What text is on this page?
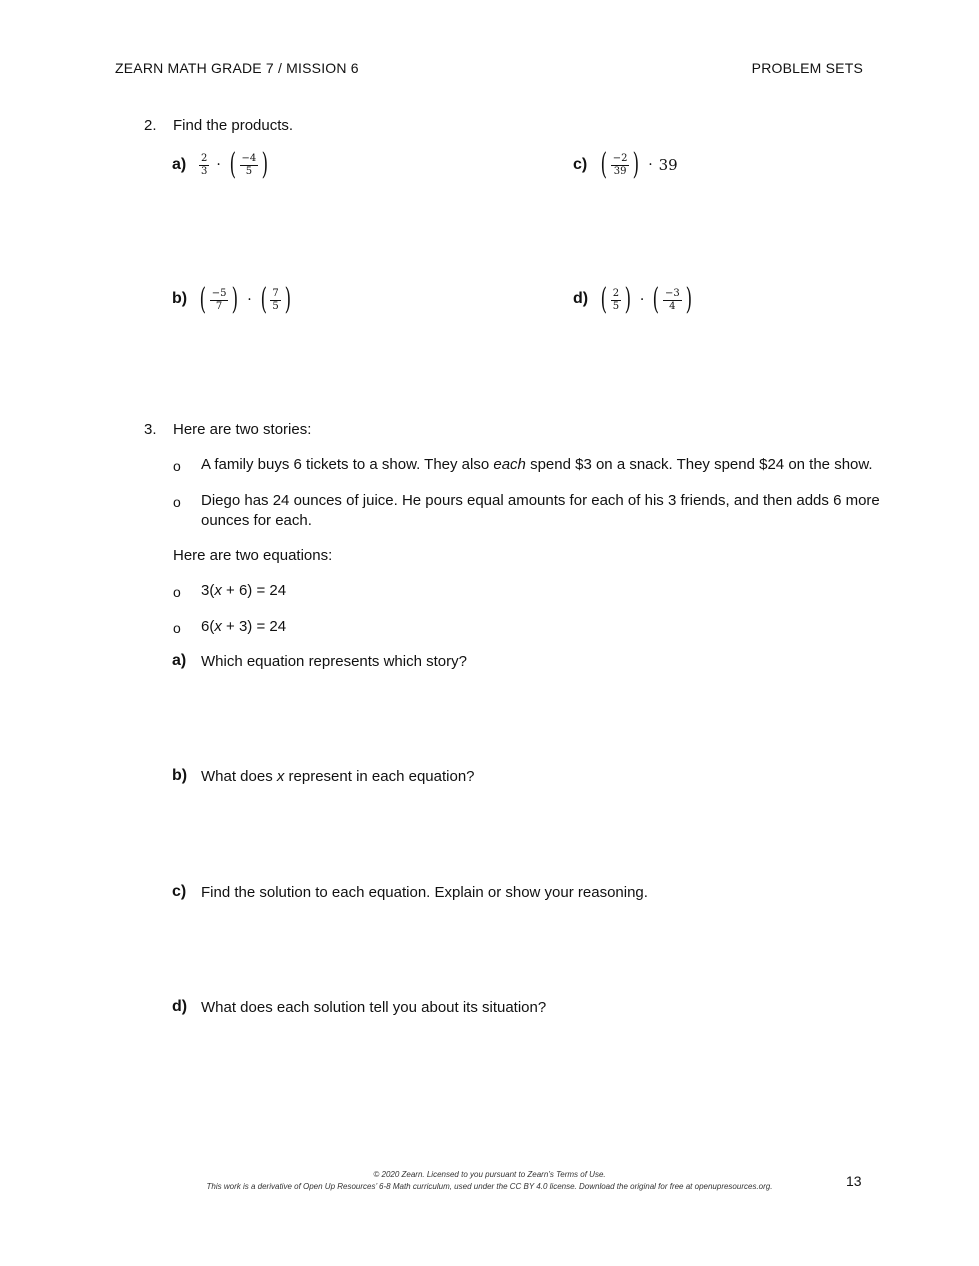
ZEARN MATH GRADE 7 / MISSION 6	PROBLEM SETS
2. Find the products.
$a) \frac{2}{3}$ · ( $\frac{-4}{5}$ )	c) ( $\frac{-2}{39}$ ) · 39
b) ( $\frac{-5}{7}$ ) · ( $\frac{7}{5}$ )	d) ( $\frac{2}{5}$ ) · ( $\frac{-3}{4}$ )
3. Here are two stories:
o A family buys 6 tickets to a show. They also each spend $3 on a snack. They spend $24 on the show.
o Diego has 24 ounces of juice. He pours equal amounts for each of his 3 friends, and then adds 6 more
ounces for each.
Here are two equations:
o 3(x + 6) = 24
o 6(x + 3) = 24
a) Which equation represents which story?
b) What does x represent in each equation?
c) Find the solution to each equation. Explain or show your reasoning.
d) What does each solution tell you about its situation?
© 2020 Zearn. Licensed to you pursuant to Zearn’s Terms of Use.
This work is a derivative of Open Up Resources’ 6-8 Math curriculum, used under the CC BY 4.0 license. Download the original for free at openupresources.org.	13
